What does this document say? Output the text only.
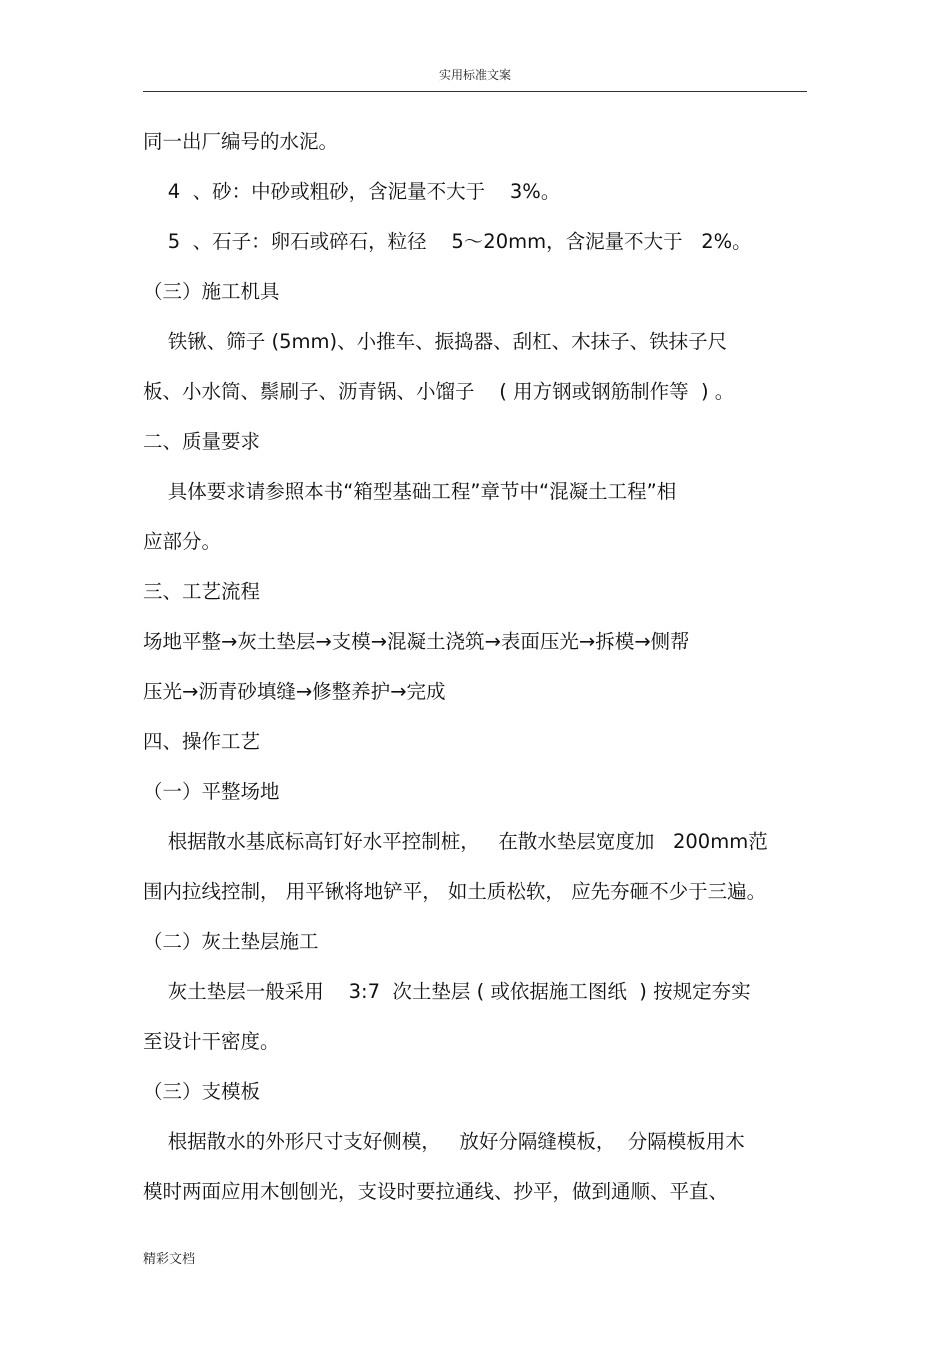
实用标准文案
同一出厂编号的水泥。
4  、砂：中砂或粗砂，含泥量不大于    3%。
5  、石子：卵石或碎石，粒径    5～20mm，含泥量不大于   2%。
（三）施工机具
铁锹、筛子 (5mm)、小推车、振捣器、刮杠、木抹子、铁抹子尺
板、小水筒、鬃刷子、沥青锅、小馏子    ( 用方钢或钢筋制作等  ) 。
二、质量要求
具体要求请参照本书“箱型基础工程”章节中“混凝土工程”相
应部分。
三、工艺流程
场地平整→灰土垫层→支模→混凝土浇筑→表面压光→拆模→侧帮
压光→沥青砂填缝→修整养护→完成
四、操作工艺
（一）平整场地
根据散水基底标高钉好水平控制桩，   在散水垫层宽度加   200mm范
围内拉线控制， 用平锹将地铲平， 如土质松软， 应先夯砸不少于三遍。
（二）灰土垫层施工
灰土垫层一般采用    3:7  次土垫层 ( 或依据施工图纸  ) 按规定夯实
至设计干密度。
（三）支模板
根据散水的外形尺寸支好侧模，   放好分隔缝模板，  分隔模板用木
模时两面应用木刨刨光，支设时要拉通线、抄平，做到通顺、平直、
精彩文档
